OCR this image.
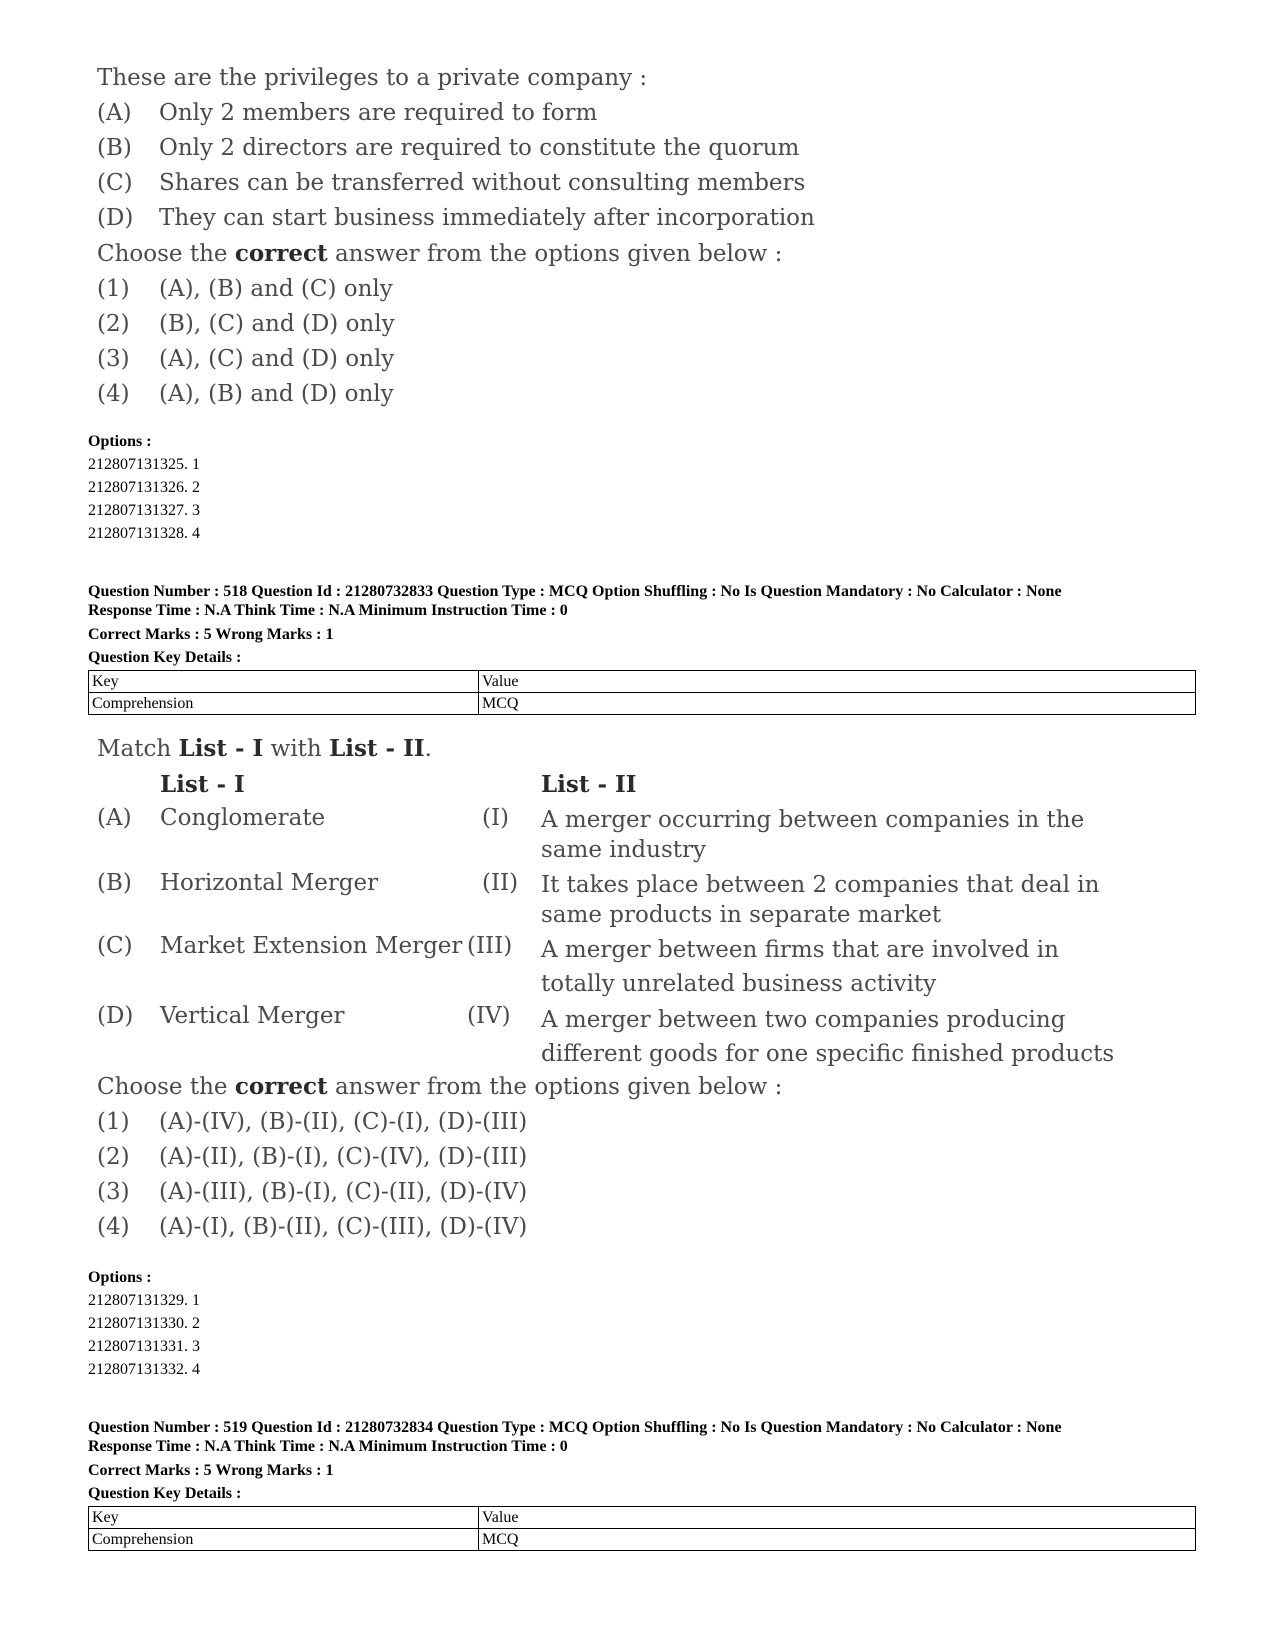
These are the privileges to a private company :
(A)	Only 2 members are required to form
(B)	Only 2 directors are required to constitute the quorum
(C)	Shares can be transferred without consulting members
(D)	They can start business immediately after incorporation
Choose the correct answer from the options given below :
(1)	(A), (B) and (C) only
(2)	(B), (C) and (D) only
(3)	(A), (C) and (D) only
(4)	(A), (B) and (D) only
Options :
212807131325. 1
212807131326. 2
212807131327. 3
212807131328. 4
Question Number : 518 Question Id : 21280732833 Question Type : MCQ Option Shuffling : No Is Question Mandatory : No Calculator : None
Response Time : N.A Think Time : N.A Minimum Instruction Time : 0
Correct Marks : 5 Wrong Marks : 1
Question Key Details :
Key	Value
Comprehension	MCQ
Match List - I with List - II.
List - I	List - II
(A) Conglomerate	(I) A merger occurring between companies in the same industry
(B) Horizontal Merger	(II) It takes place between 2 companies that deal in same products in separate market
(C) Market Extension Merger (III) A merger between firms that are involved in totally unrelated business activity
(D) Vertical Merger	(IV) A merger between two companies producing different goods for one specific finished products
Choose the correct answer from the options given below :
(1) (A)-(IV), (B)-(II), (C)-(I), (D)-(III)
(2) (A)-(II), (B)-(I), (C)-(IV), (D)-(III)
(3) (A)-(III), (B)-(I), (C)-(II), (D)-(IV)
(4) (A)-(I), (B)-(II), (C)-(III), (D)-(IV)
Options :
212807131329. 1
212807131330. 2
212807131331. 3
212807131332. 4
Question Number : 519 Question Id : 21280732834 Question Type : MCQ Option Shuffling : No Is Question Mandatory : No Calculator : None
Response Time : N.A Think Time : N.A Minimum Instruction Time : 0
Correct Marks : 5 Wrong Marks : 1
Question Key Details :
Key	Value
Comprehension	MCQ
